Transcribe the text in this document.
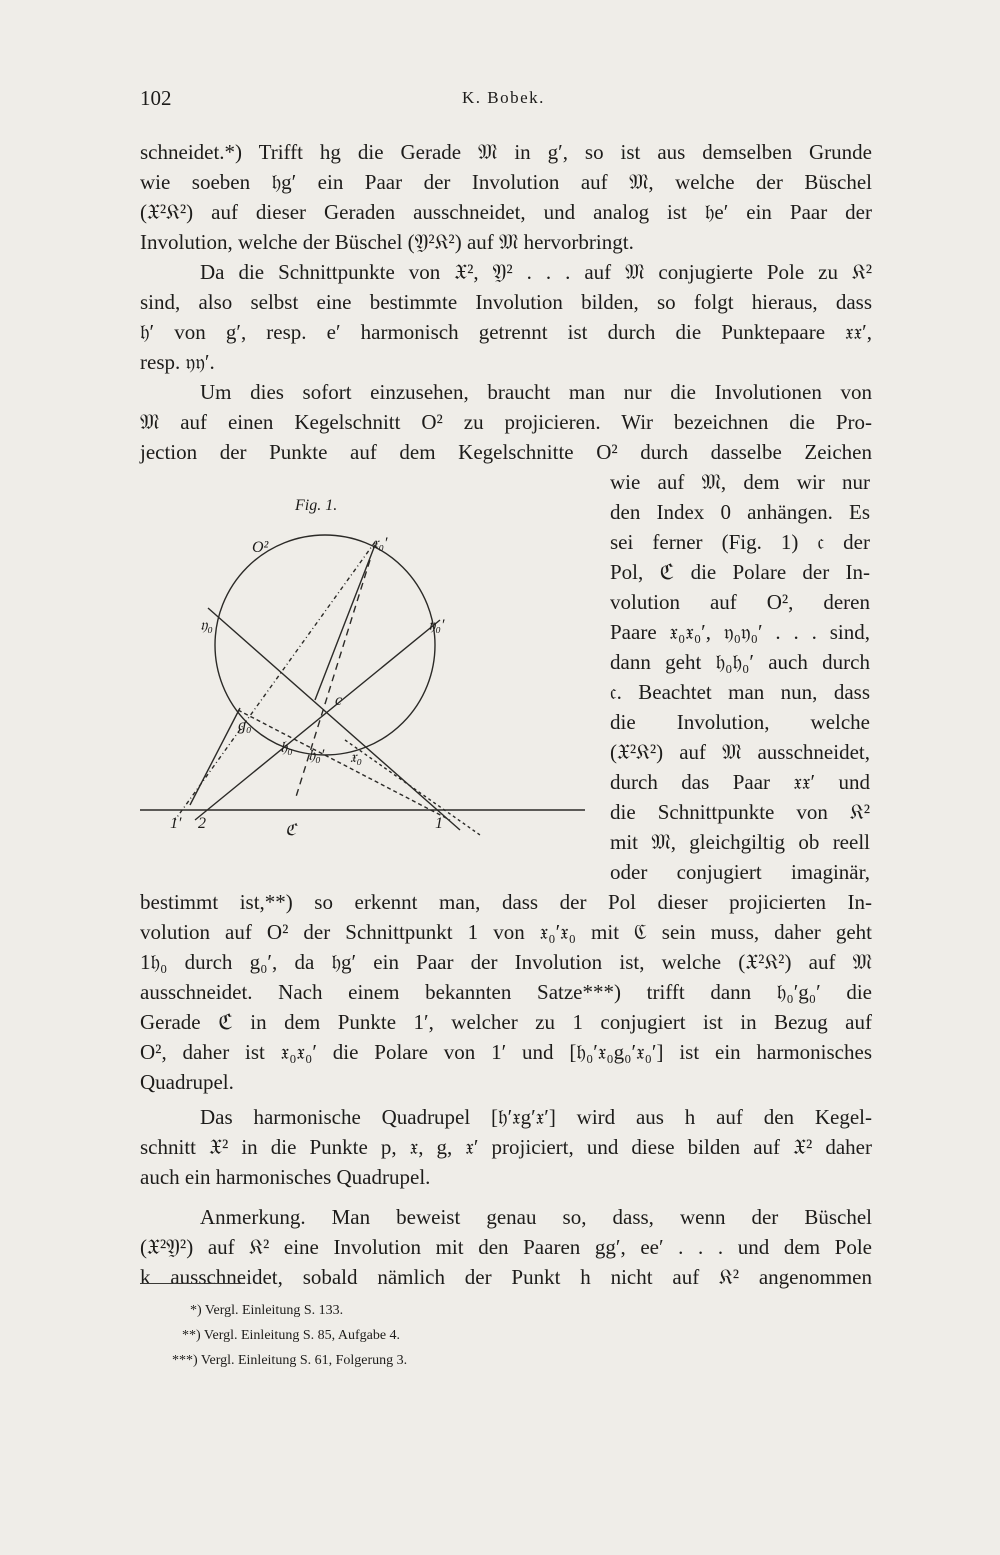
102	K. Bobek.
schneidet.*) Trifft hg die Gerade 𝔐 in g′, so ist aus demselben Grunde
wie soeben 𝔥g′ ein Paar der Involution auf 𝔐, welche der Büschel
(𝔛²𝔎²) auf dieser Geraden ausschneidet, und analog ist 𝔥e′ ein Paar der
Involution, welche der Büschel (𝔜²𝔎²) auf 𝔐 hervorbringt.
Da die Schnittpunkte von 𝔛², 𝔜² . . . auf 𝔐 conjugierte Pole zu 𝔎²
sind, also selbst eine bestimmte Involution bilden, so folgt hieraus, dass
𝔥′ von g′, resp. e′ harmonisch getrennt ist durch die Punktepaare 𝔵𝔵′,
resp. 𝔶𝔶′.
Um dies sofort einzusehen, braucht man nur die Involutionen von
𝔐 auf einen Kegelschnitt O² zu projicieren. Wir bezeichnen die Pro-
jection der Punkte auf dem Kegelschnitte O² durch dasselbe Zeichen
wie auf 𝔐, dem wir nur
den Index 0 anhängen. Es
sei ferner (Fig. 1) 𝔠 der
Pol, ℭ die Polare der In-
volution auf O², deren
Paare 𝔵₀𝔵₀′, 𝔶₀𝔶₀′ . . . sind,
dann geht 𝔥₀𝔥₀′ auch durch
𝔠. Beachtet man nun, dass
die Involution, welche
(𝔛²𝔎²) auf 𝔐 ausschneidet,
durch das Paar 𝔵𝔵′ und
die Schnittpunkte von 𝔎²
mit 𝔐, gleichgiltig ob reell
oder conjugiert imaginär,
bestimmt ist,**) so erkennt man, dass der Pol dieser projicierten In-
volution auf O² der Schnittpunkt 1 von 𝔵₀′𝔵₀ mit ℭ sein muss, daher geht
1𝔥₀ durch g₀′, da 𝔥g′ ein Paar der Involution ist, welche (𝔛²𝔎²) auf 𝔐
ausschneidet. Nach einem bekannten Satze***) trifft dann 𝔥₀′g₀′ die
Gerade ℭ in dem Punkte 1′, welcher zu 1 conjugiert ist in Bezug auf
O², daher ist 𝔵₀𝔵₀′ die Polare von 1′ und [𝔥₀′𝔵₀g₀′𝔵₀′] ist ein harmonisches
Quadrupel.
Das harmonische Quadrupel [𝔥′𝔵g′𝔵′] wird aus h auf den Kegel-
schnitt 𝔛² in die Punkte p, 𝔵, g, 𝔵′ projiciert, und diese bilden auf 𝔛² daher
auch ein harmonisches Quadrupel.
Anmerkung. Man beweist genau so, dass, wenn der Büschel
(𝔛²𝔜²) auf 𝔎² eine Involution mit den Paaren gg′, ee′ . . . und dem Pole
k ausschneidet, sobald nämlich der Punkt h nicht auf 𝔎² angenommen
Fig. 1.
O²	𝔵₀′
𝔶₀	𝔶₀′
c
g₀
𝔥₀ 𝔥₀′ 𝔵₀
1′ 2	ℭ	1
*) Vergl. Einleitung S. 133.
**) Vergl. Einleitung S. 85, Aufgabe 4.
***) Vergl. Einleitung S. 61, Folgerung 3.
